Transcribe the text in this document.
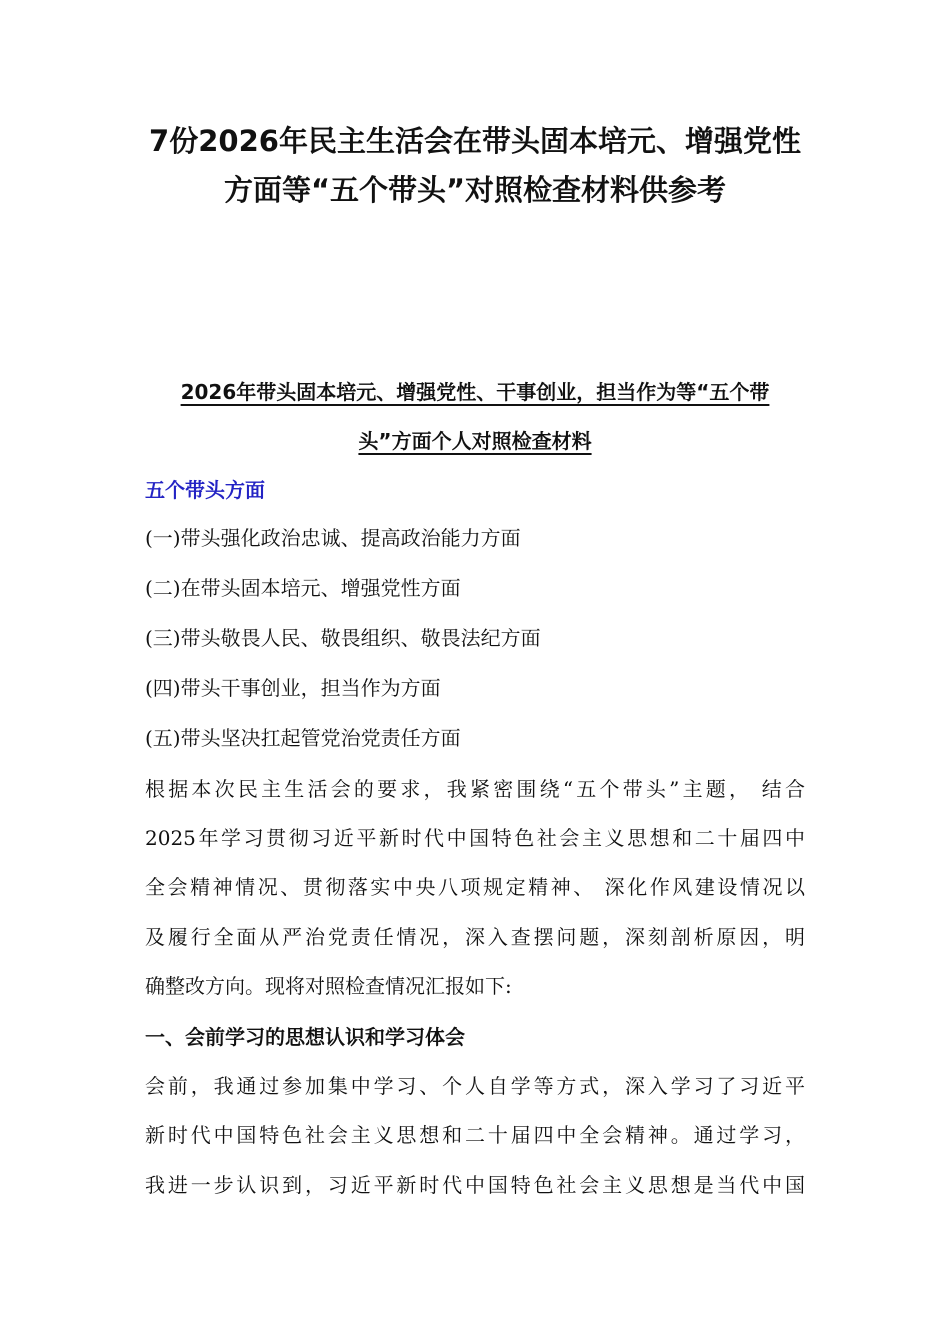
7份2026年民主生活会在带头固本培元、增强党性
方面等“五个带头”对照检查材料供参考
2026年带头固本培元、增强党性、干事创业，担当作为等“五个带
头”方面个人对照检查材料
五个带头方面
(一)带头强化政治忠诚、提高政治能力方面
(二)在带头固本培元、增强党性方面
(三)带头敬畏人民、敬畏组织、敬畏法纪方面
(四)带头干事创业，担当作为方面
(五)带头坚决扛起管党治党责任方面
根据本次民主生活会的要求，我紧密围绕“五个带头”主题， 结合
2025年学习贯彻习近平新时代中国特色社会主义思想和二十届四中
全会精神情况、贯彻落实中央八项规定精神、 深化作风建设情况以
及履行全面从严治党责任情况，深入查摆问题，深刻剖析原因，明
确整改方向。现将对照检查情况汇报如下:
一、会前学习的思想认识和学习体会
会前，我通过参加集中学习、个人自学等方式，深入学习了习近平
新时代中国特色社会主义思想和二十届四中全会精神。通过学习，
我进一步认识到，习近平新时代中国特色社会主义思想是当代中国
